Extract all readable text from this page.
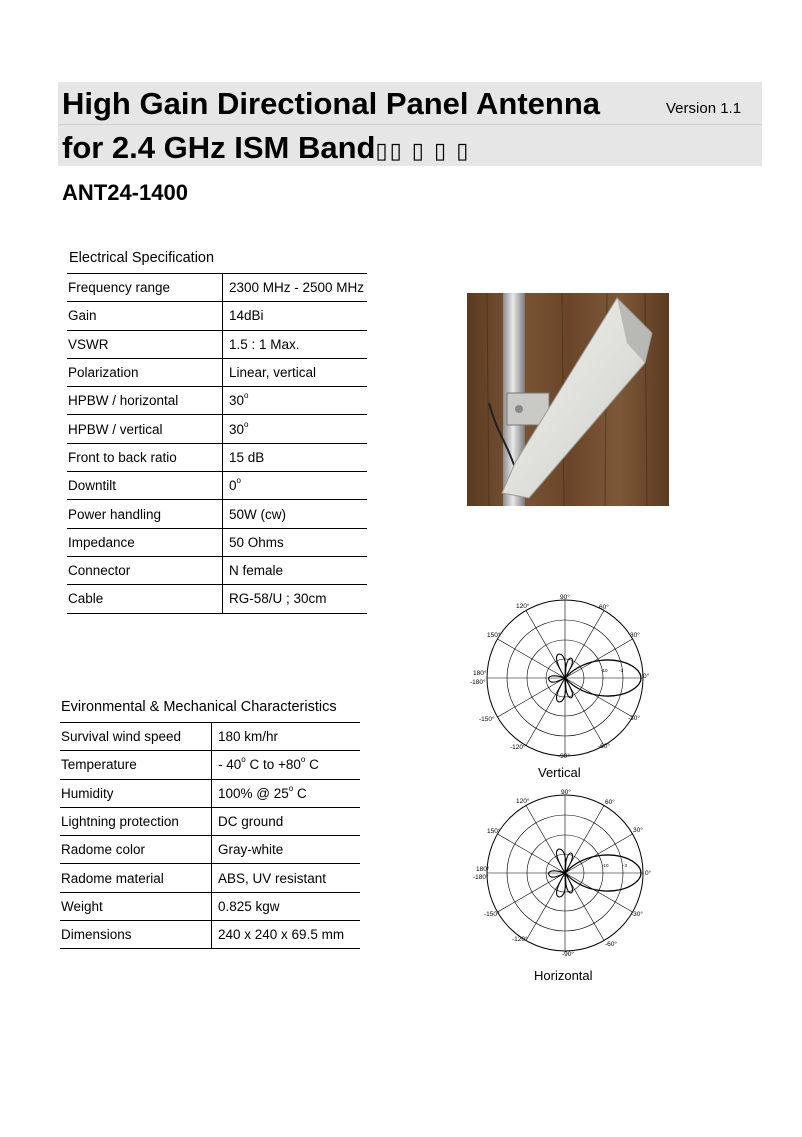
High Gain Directional Panel Antenna	Version 1.1
for 2.4 GHz ISM Band▯▯ ▯ ▯ ▯
ANT24-1400
Electrical Specification
Frequency range	2300 MHz - 2500 MHz
Gain	14dBi
VSWR	1.5 : 1 Max.
Polarization	Linear, vertical
HPBW / horizontal	30$^o$
HPBW / vertical	30$^o$
Front to back ratio	15 dB
Downtilt	0$^o$
Power handling	50W (cw)
Impedance	50 Ohms
Connector	N female
Cable	RG-58/U ; 30cm
Evironmental & Mechanical Characteristics
Survival wind speed	180 km/hr
Temperature	- 40$^o$ C to $+80^o$ C
Humidity	100% @ 25$^o$ C
Lightning protection	DC ground
Radome color	Gray-white
Radome material	ABS, UV resistant
Weight	0.825 kgw
Dimensions	240 x 240 x 69.5 mm
90°
60°
30°
0°
-30°
-60°
-90°
-120°
-150°
180°
-180°
150°
120°
-10	-3
Vertical
90°
60°
30°
0°
-30°
-60°
-90°
-120°
-150°
180°
-180°
150°
120°
-10	-3
Horizontal
